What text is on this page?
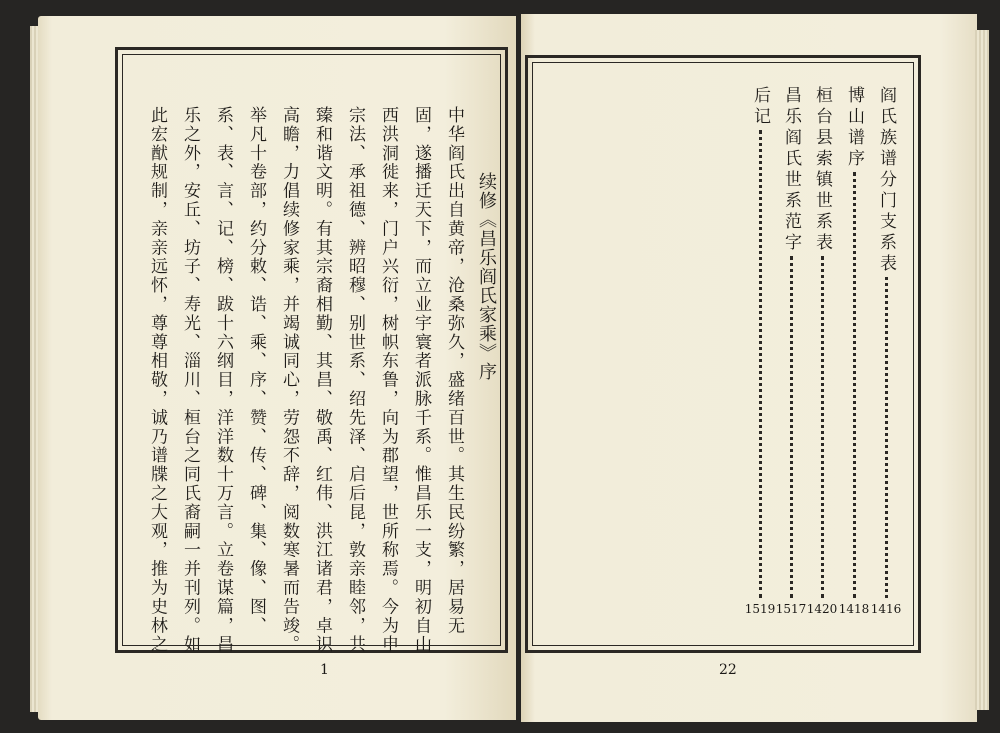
续修《昌乐阎氏家乘》序
中华阎氏出自黄帝，沧桑弥久，盛绪百世。其生民纷繁，居易无
固，遂播迁天下，而立业宇寰者派脉千系。惟昌乐一支，明初自山
西洪洞徙来，门户兴衍，树帜东鲁，向为郡望，世所称焉。今为申
宗法、承祖德、辨昭穆、别世系、绍先泽、启后昆，敦亲睦邻，共
臻和谐文明。有其宗裔相勤、其昌、敬禹、红伟、洪江诸君，卓识
高瞻，力倡续修家乘，并竭诚同心，劳怨不辞，阅数寒暑而告竣。
举凡十卷部，约分敕、诰、乘、序、赞、传、碑、集、像、图、
系、表、言、记、榜、跋十六纲目，洋洋数十万言。立卷谋篇，昌
乐之外，安丘、坊子、寿光、淄川、桓台之同氏裔嗣一并刊列。如
此宏猷规制，亲亲远怀，尊尊相敬，诚乃谱牒之大观，推为史林之
1
阎氏族谱分门支系表
1416
博山谱序
1418
桓台县索镇世系表
1420
昌乐阎氏世系范字
1517
后记
1519
22
